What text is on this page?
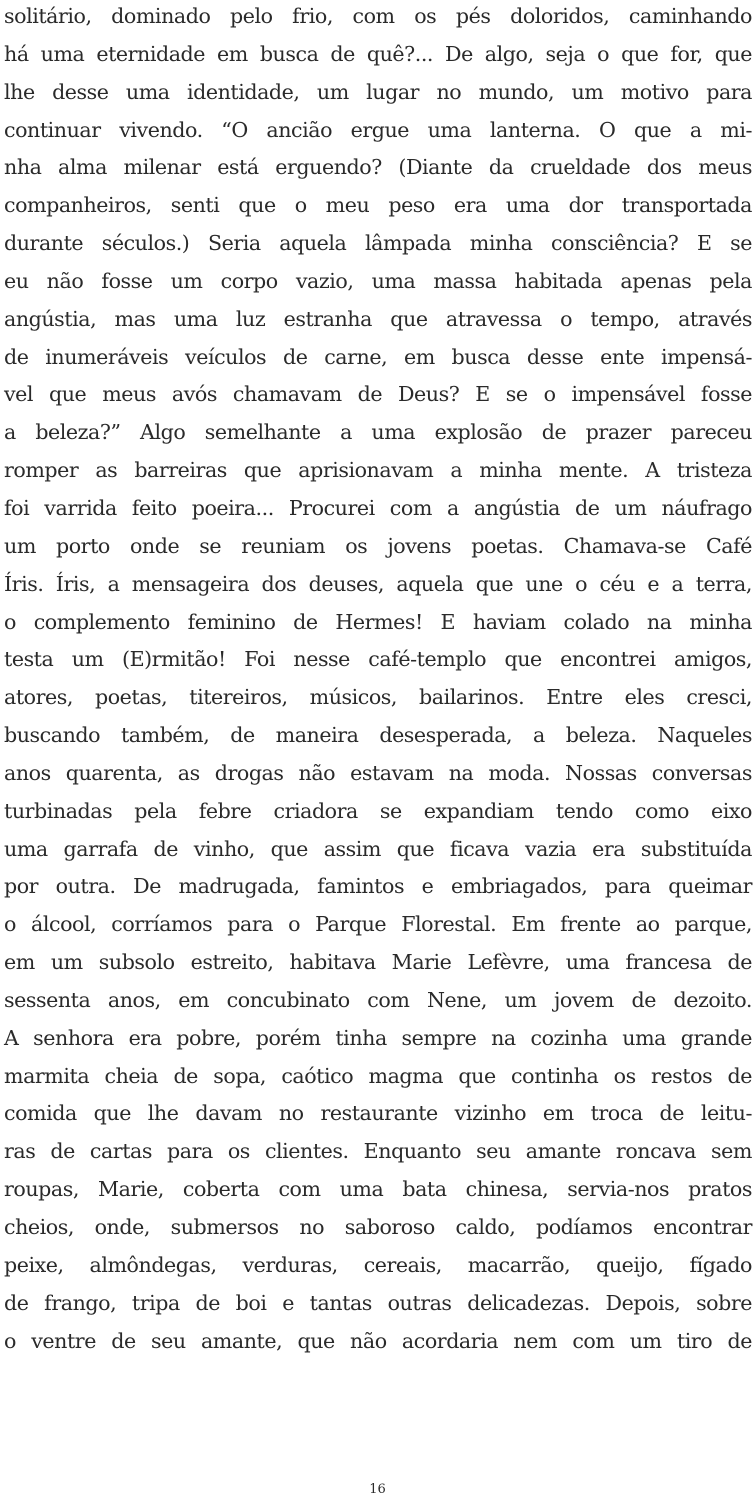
solitário, dominado pelo frio, com os pés doloridos, caminhando
há uma eternidade em busca de quê?... De algo, seja o que for, que
lhe desse uma identidade, um lugar no mundo, um motivo para
continuar vivendo. “O ancião ergue uma lanterna. O que a mi-
nha alma milenar está erguendo? (Diante da crueldade dos meus
companheiros, senti que o meu peso era uma dor transportada
durante séculos.) Seria aquela lâmpada minha consciência? E se
eu não fosse um corpo vazio, uma massa habitada apenas pela
angústia, mas uma luz estranha que atravessa o tempo, através
de inumeráveis veículos de carne, em busca desse ente impensá-
vel que meus avós chamavam de Deus? E se o impensável fosse
a beleza?” Algo semelhante a uma explosão de prazer pareceu
romper as barreiras que aprisionavam a minha mente. A tristeza
foi varrida feito poeira... Procurei com a angústia de um náufrago
um porto onde se reuniam os jovens poetas. Chamava-se Café
Íris. Íris, a mensageira dos deuses, aquela que une o céu e a terra,
o complemento feminino de Hermes! E haviam colado na minha
testa um (E)rmitão! Foi nesse café-templo que encontrei amigos,
atores, poetas, titereiros, músicos, bailarinos. Entre eles cresci,
buscando também, de maneira desesperada, a beleza. Naqueles
anos quarenta, as drogas não estavam na moda. Nossas conversas
turbinadas pela febre criadora se expandiam tendo como eixo
uma garrafa de vinho, que assim que ficava vazia era substituída
por outra. De madrugada, famintos e embriagados, para queimar
o álcool, corríamos para o Parque Florestal. Em frente ao parque,
em um subsolo estreito, habitava Marie Lefèvre, uma francesa de
sessenta anos, em concubinato com Nene, um jovem de dezoito.
A senhora era pobre, porém tinha sempre na cozinha uma grande
marmita cheia de sopa, caótico magma que continha os restos de
comida que lhe davam no restaurante vizinho em troca de leitu-
ras de cartas para os clientes. Enquanto seu amante roncava sem
roupas, Marie, coberta com uma bata chinesa, servia-nos pratos
cheios, onde, submersos no saboroso caldo, podíamos encontrar
peixe, almôndegas, verduras, cereais, macarrão, queijo, fígado
de frango, tripa de boi e tantas outras delicadezas. Depois, sobre
o ventre de seu amante, que não acordaria nem com um tiro de
16
